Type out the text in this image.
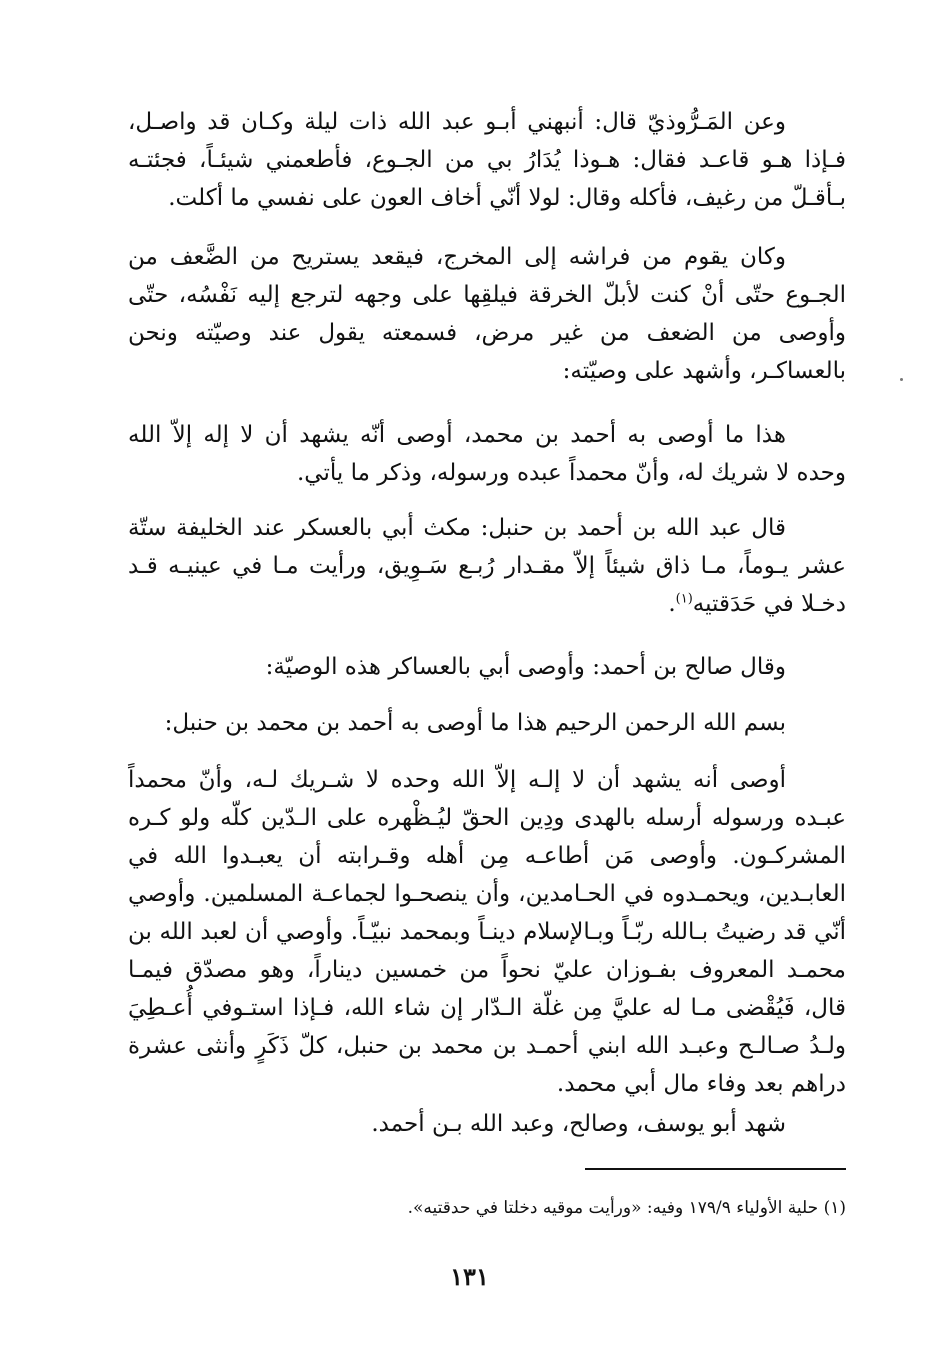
وعن المَـرُّوذيّ قال: أنبهني أبـو عبد الله ذات ليلة وكـان قد واصـل، فـإذا هـو قاعـد فقال: هـوذا يُدَارُ بي من الجـوع، فأطعمني شيئـاً، فجئتـه بـأقـلّ من رغيف، فأكله وقال: لولا أنّي أخاف العون على نفسي ما أكلت.

وكان يقوم من فراشه إلى المخرج، فيقعد يستريح من الضَّعف من الجـوع حتّى أنْ كنت لأبلّ الخرقة فيلقِها على وجهه لترجع إليه نَفْسُه، حتّى وأوصى من الضعف من غير مرض، فسمعته يقول عند وصيّته ونحن بالعساكـر، وأشهد على وصيّته:

هذا ما أوصى به أحمد بن محمد، أوصى أنّه يشهد أن لا إله إلاّ الله وحده لا شريك له، وأنّ محمداً عبده ورسوله، وذكر ما يأتي.

قال عبد الله بن أحمد بن حنبل: مكث أبي بالعسكر عند الخليفة ستّة عشر يـوماً، مـا ذاق شيئاً إلاّ مقـدار رُبـع سَـوِيق، ورأيت مـا في عينيـه قـد دخـلا في حَدَقتيه$^{(١)}$.

وقال صالح بن أحمد: وأوصى أبي بالعساكر هذه الوصيّة:

بسم الله الرحمن الرحيم هذا ما أوصى به أحمد بن محمد بن حنبل:

أوصى أنه يشهد أن لا إلـه إلاّ الله وحده لا شـريك لـه، وأنّ محمداً عبـده ورسوله أرسله بالهدى ودِين الحقّ ليُـظْهره على الـدّين كلّه ولو كـره المشركـون. وأوصى مَن أطاعـه مِن أهله وقـرابته أن يعبـدوا الله في العابـدين، ويحمـدوه في الحـامدين، وأن ينصحـوا لجماعـة المسلمين. وأوصي أنّي قد رضيتُ بـالله ربّـاً وبـالإسلام دينـاً وبمحمد نبيّـاً. وأوصي أن لعبد الله بن محمـد المعروف بفـوزان عليّ نحواً من خمسين ديناراً، وهو مصدّق فيمـا قال، فَيُقْضى مـا له عليَّ مِن غلّة الـدّار إن شاء الله، فـإذا استـوفي أُعـطِيَ ولـدُ صـالـح وعبـد الله ابني أحمـد بن محمد بن حنبل، كلّ ذَكَرٍ وأنثى عشرة دراهم بعد وفاء مال أبي محمد.

شهد أبو يوسف، وصالح، وعبد الله بـن أحمد.

(١) حلية الأولياء ١٧٩/٩ وفيه: «ورأيت موقيه دخلتا في حدقتيه».
١٣١
